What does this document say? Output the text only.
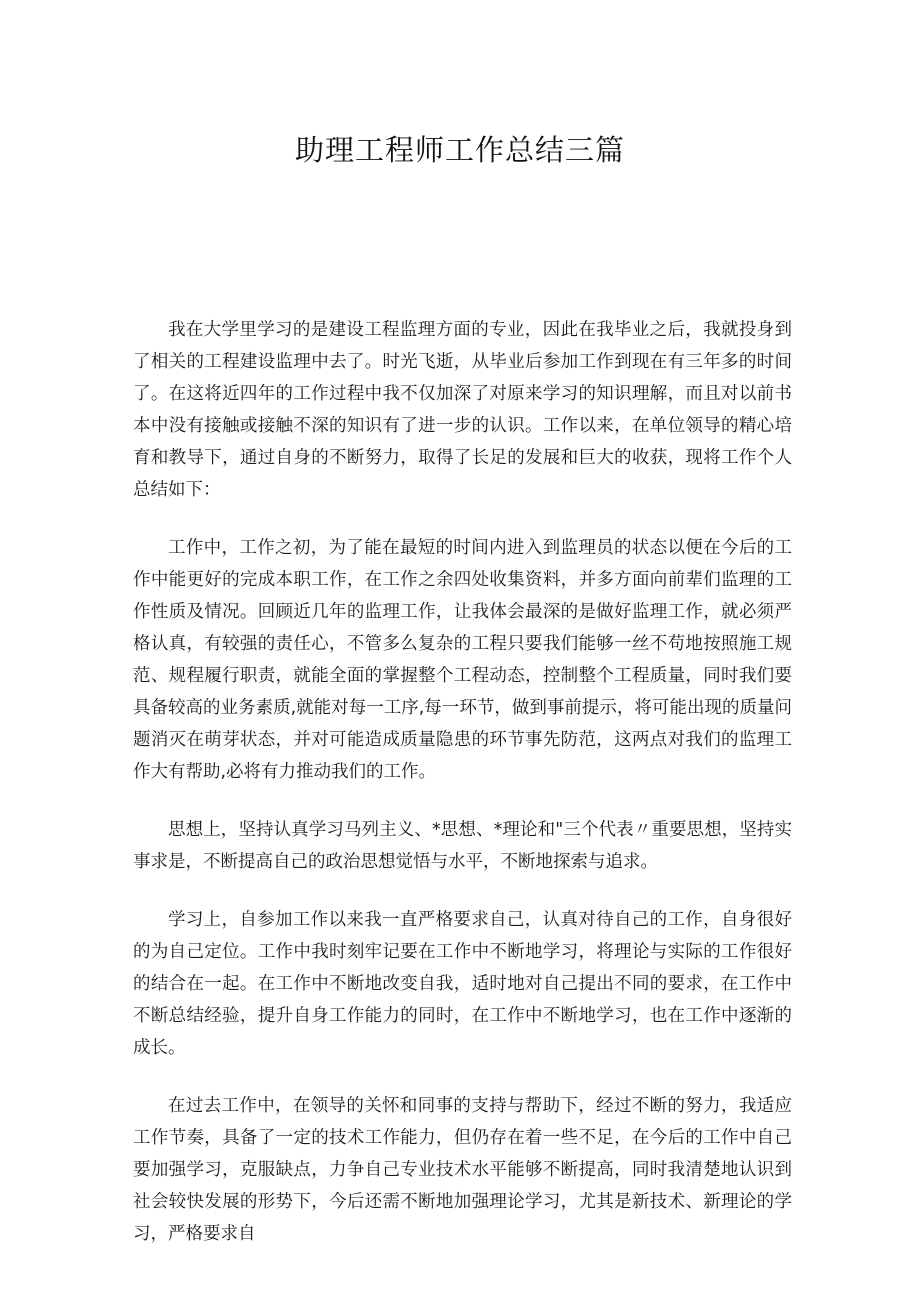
助理工程师工作总结三篇

我在大学里学习的是建设工程监理方面的专业，因此在我毕业之后，我就投身到了相关的工程建设监理中去了。时光飞逝，从毕业后参加工作到现在有三年多的时间了。在这将近四年的工作过程中我不仅加深了对原来学习的知识理解，而且对以前书本中没有接触或接触不深的知识有了进一步的认识。工作以来，在单位领导的精心培育和教导下，通过自身的不断努力，取得了长足的发展和巨大的收获，现将工作个人总结如下：

工作中，工作之初，为了能在最短的时间内进入到监理员的状态以便在今后的工作中能更好的完成本职工作，在工作之余四处收集资料，并多方面向前辈们监理的工作性质及情况。回顾近几年的监理工作，让我体会最深的是做好监理工作，就必须严格认真，有较强的责任心，不管多么复杂的工程只要我们能够一丝不苟地按照施工规范、规程履行职责，就能全面的掌握整个工程动态，控制整个工程质量，同时我们要具备较高的业务素质,就能对每一工序,每一环节，做到事前提示，将可能出现的质量问题消灭在萌芽状态，并对可能造成质量隐患的环节事先防范，这两点对我们的监理工作大有帮助,必将有力推动我们的工作。

思想上，坚持认真学习马列主义、*思想、*理论和"三个代表〃重要思想，坚持实事求是，不断提高自己的政治思想觉悟与水平，不断地探索与追求。

学习上，自参加工作以来我一直严格要求自己，认真对待自己的工作，自身很好的为自己定位。工作中我时刻牢记要在工作中不断地学习，将理论与实际的工作很好的结合在一起。在工作中不断地改变自我，适时地对自己提出不同的要求，在工作中不断总结经验，提升自身工作能力的同时，在工作中不断地学习，也在工作中逐渐的成长。

在过去工作中，在领导的关怀和同事的支持与帮助下，经过不断的努力，我适应工作节奏，具备了一定的技术工作能力，但仍存在着一些不足，在今后的工作中自己要加强学习，克服缺点，力争自己专业技术水平能够不断提高，同时我清楚地认识到社会较快发展的形势下，今后还需不断地加强理论学习，尤其是新技术、新理论的学习，严格要求自
